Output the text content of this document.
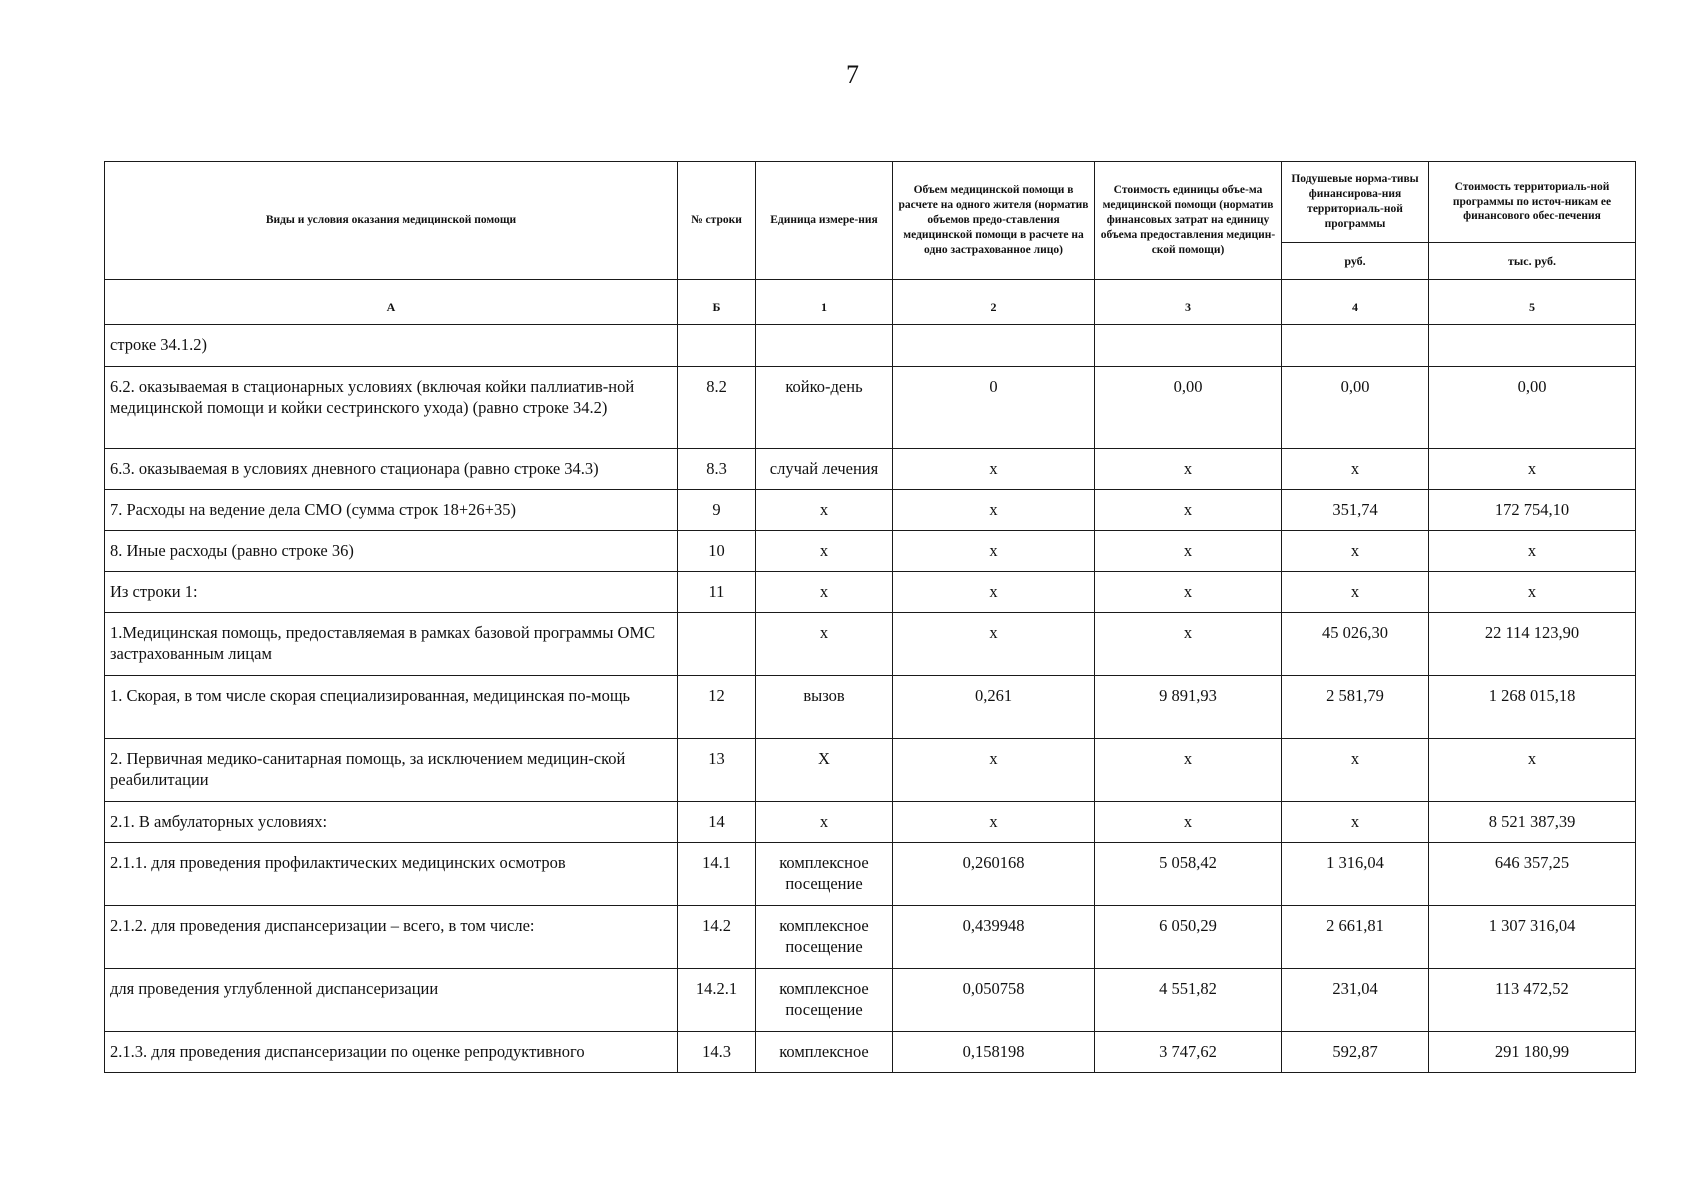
7
Виды и условия оказания медицинской помощи	№ строки	Единица измере-ния	Объем медицинской помощи в расчете на одного жителя (норматив объемов предо-ставления медицинской помощи в расчете на одно застрахованное лицо)	Стоимость единицы объе-ма медицинской помощи (норматив финансовых затрат на единицу объема предоставления медицин-ской помощи)	Подушевые норма-тивы финансирова-ния территориаль-ной программы	Стоимость территориаль-ной программы по источ-никам ее финансового обес-печения
					руб.	тыс. руб.
А	Б	1	2	3	4	5
строке 34.1.2)						
6.2. оказываемая в стационарных условиях (включая койки паллиатив-ной медицинской помощи и койки сестринского ухода) (равно строке 34.2)	8.2	койко-день	0	0,00	0,00	0,00
6.3. оказываемая в условиях дневного стационара (равно строке 34.3)	8.3	случай лечения	х	х	х	х
7. Расходы на ведение дела СМО (сумма строк 18+26+35)	9	х	х	х	351,74	172 754,10
8. Иные расходы (равно строке 36)	10	х	х	х	х	х
Из строки 1:	11	х	х	х	х	х
1.Медицинская помощь, предоставляемая в рамках базовой программы ОМС застрахованным лицам		х	х	х	45 026,30	22 114 123,90
1. Скорая, в том числе скорая специализированная, медицинская по-мощь	12	вызов	0,261	9 891,93	2 581,79	1 268 015,18
2. Первичная медико-санитарная помощь, за исключением медицин-ской реабилитации	13	Х	х	х	х	х
2.1. В амбулаторных условиях:	14	х	х	х	х	8 521 387,39
2.1.1. для проведения профилактических медицинских осмотров	14.1	комплексное посещение	0,260168	5 058,42	1 316,04	646 357,25
2.1.2. для проведения диспансеризации – всего, в том числе:	14.2	комплексное посещение	0,439948	6 050,29	2 661,81	1 307 316,04
для проведения углубленной диспансеризации	14.2.1	комплексное посещение	0,050758	4 551,82	231,04	113 472,52
2.1.3. для проведения диспансеризации по оценке репродуктивного	14.3	комплексное	0,158198	3 747,62	592,87	291 180,99
